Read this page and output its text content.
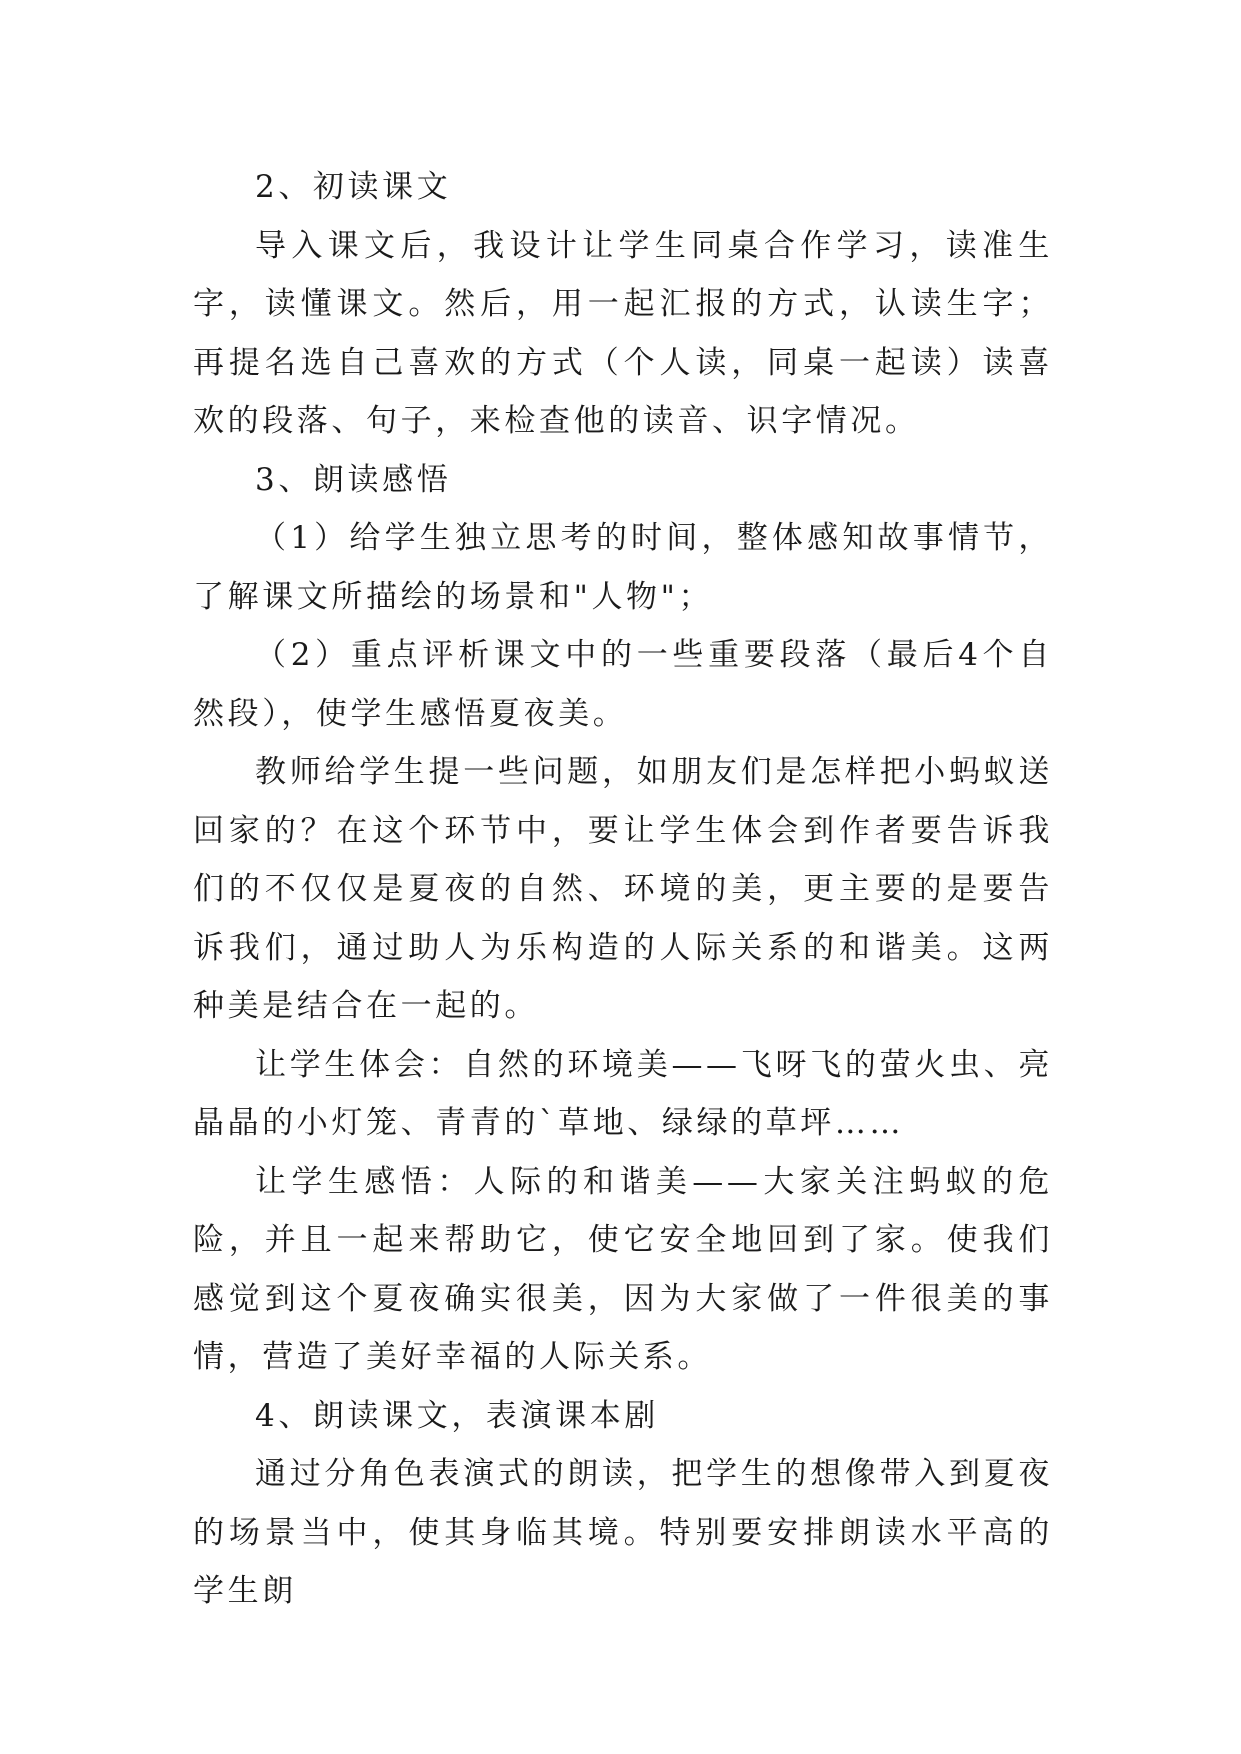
2、初读课文

导入课文后，我设计让学生同桌合作学习，读准生字，读懂课文。然后，用一起汇报的方式，认读生字；再提名选自己喜欢的方式（个人读，同桌一起读）读喜欢的段落、句子，来检查他的读音、识字情况。

3、朗读感悟

（1）给学生独立思考的时间，整体感知故事情节，了解课文所描绘的场景和"人物"；

（2）重点评析课文中的一些重要段落（最后4个自然段），使学生感悟夏夜美。

教师给学生提一些问题，如朋友们是怎样把小蚂蚁送回家的？在这个环节中，要让学生体会到作者要告诉我们的不仅仅是夏夜的自然、环境的美，更主要的是要告诉我们，通过助人为乐构造的人际关系的和谐美。这两种美是结合在一起的。

让学生体会：自然的环境美——飞呀飞的萤火虫、亮晶晶的小灯笼、青青的`草地、绿绿的草坪……

让学生感悟：人际的和谐美——大家关注蚂蚁的危险，并且一起来帮助它，使它安全地回到了家。使我们感觉到这个夏夜确实很美，因为大家做了一件很美的事情，营造了美好幸福的人际关系。

4、朗读课文，表演课本剧

通过分角色表演式的朗读，把学生的想像带入到夏夜的场景当中，使其身临其境。特别要安排朗读水平高的学生朗
